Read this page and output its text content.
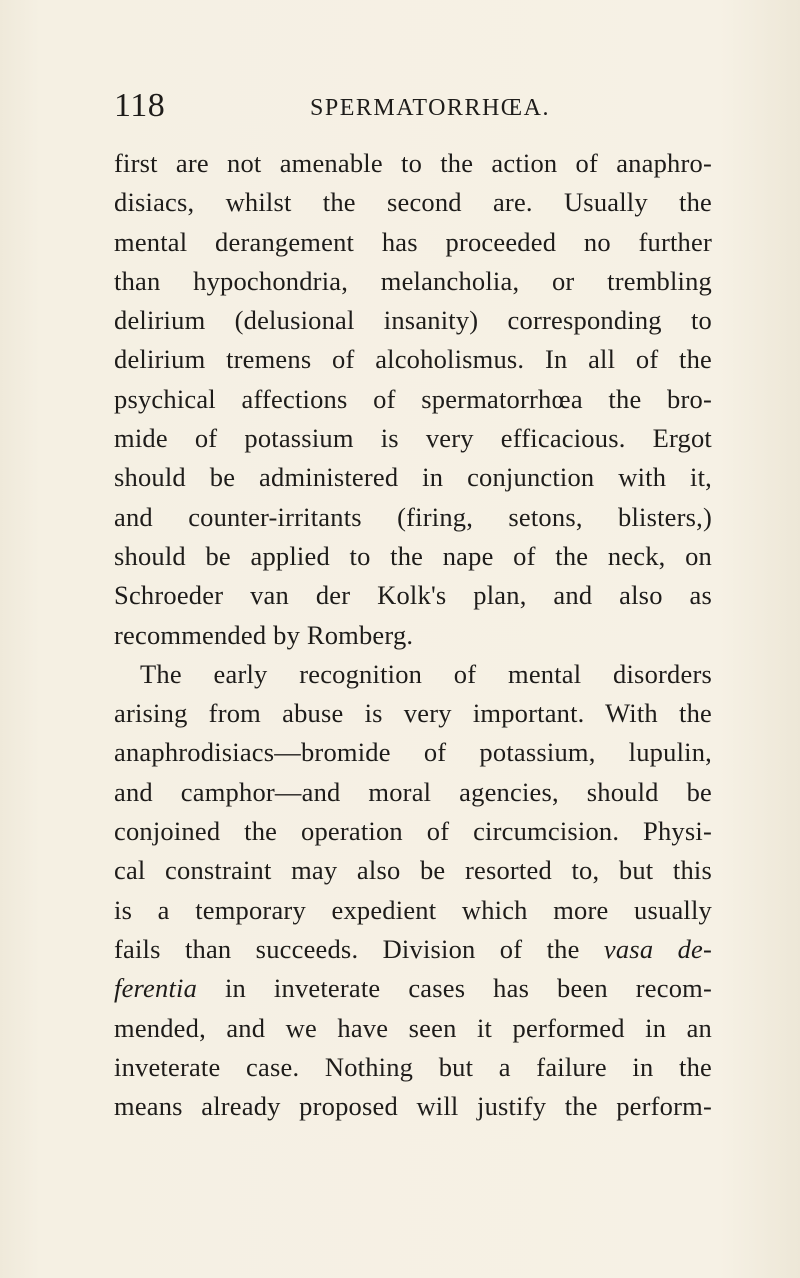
118	SPERMATORRHŒA.
first are not amenable to the action of anaphro-
disiacs, whilst the second are. Usually the
mental derangement has proceeded no further
than hypochondria, melancholia, or trembling
delirium (delusional insanity) corresponding to
delirium tremens of alcoholismus. In all of the
psychical affections of spermatorrhœa the bro-
mide of potassium is very efficacious. Ergot
should be administered in conjunction with it,
and counter-irritants (firing, setons, blisters,)
should be applied to the nape of the neck, on
Schroeder van der Kolk's plan, and also as
recommended by Romberg.
The early recognition of mental disorders
arising from abuse is very important. With the
anaphrodisiacs—bromide of potassium, lupulin,
and camphor—and moral agencies, should be
conjoined the operation of circumcision. Physi-
cal constraint may also be resorted to, but this
is a temporary expedient which more usually
fails than succeeds. Division of the vasa de-
ferentia in inveterate cases has been recom-
mended, and we have seen it performed in an
inveterate case. Nothing but a failure in the
means already proposed will justify the perform-
